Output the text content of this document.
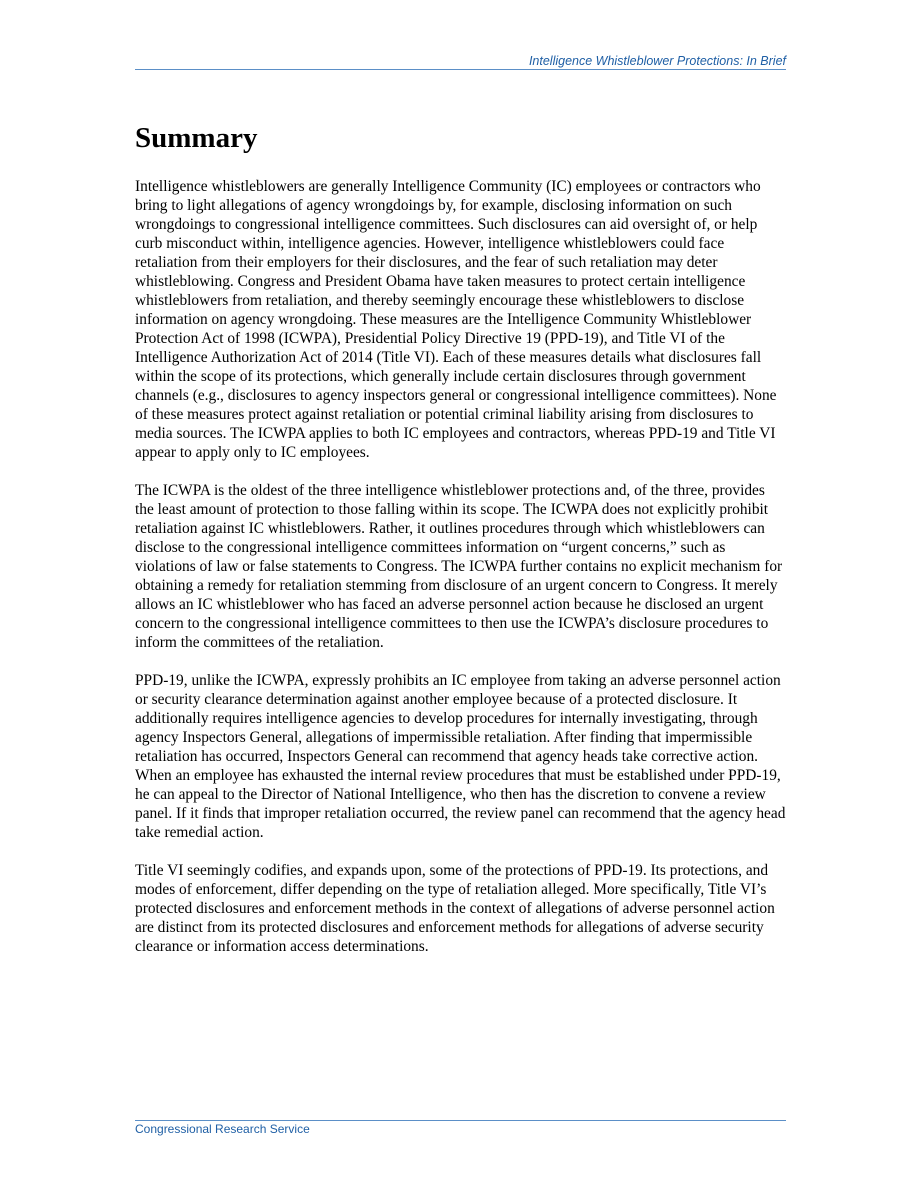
Intelligence Whistleblower Protections: In Brief
Summary

Intelligence whistleblowers are generally Intelligence Community (IC) employees or contractors who bring to light allegations of agency wrongdoings by, for example, disclosing information on such wrongdoings to congressional intelligence committees. Such disclosures can aid oversight of, or help curb misconduct within, intelligence agencies. However, intelligence whistleblowers could face retaliation from their employers for their disclosures, and the fear of such retaliation may deter whistleblowing. Congress and President Obama have taken measures to protect certain intelligence whistleblowers from retaliation, and thereby seemingly encourage these whistleblowers to disclose information on agency wrongdoing. These measures are the Intelligence Community Whistleblower Protection Act of 1998 (ICWPA), Presidential Policy Directive 19 (PPD-19), and Title VI of the Intelligence Authorization Act of 2014 (Title VI). Each of these measures details what disclosures fall within the scope of its protections, which generally include certain disclosures through government channels (e.g., disclosures to agency inspectors general or congressional intelligence committees). None of these measures protect against retaliation or potential criminal liability arising from disclosures to media sources. The ICWPA applies to both IC employees and contractors, whereas PPD-19 and Title VI appear to apply only to IC employees.

The ICWPA is the oldest of the three intelligence whistleblower protections and, of the three, provides the least amount of protection to those falling within its scope. The ICWPA does not explicitly prohibit retaliation against IC whistleblowers. Rather, it outlines procedures through which whistleblowers can disclose to the congressional intelligence committees information on “urgent concerns,” such as violations of law or false statements to Congress. The ICWPA further contains no explicit mechanism for obtaining a remedy for retaliation stemming from disclosure of an urgent concern to Congress. It merely allows an IC whistleblower who has faced an adverse personnel action because he disclosed an urgent concern to the congressional intelligence committees to then use the ICWPA’s disclosure procedures to inform the committees of the retaliation.

PPD-19, unlike the ICWPA, expressly prohibits an IC employee from taking an adverse personnel action or security clearance determination against another employee because of a protected disclosure. It additionally requires intelligence agencies to develop procedures for internally investigating, through agency Inspectors General, allegations of impermissible retaliation. After finding that impermissible retaliation has occurred, Inspectors General can recommend that agency heads take corrective action. When an employee has exhausted the internal review procedures that must be established under PPD-19, he can appeal to the Director of National Intelligence, who then has the discretion to convene a review panel. If it finds that improper retaliation occurred, the review panel can recommend that the agency head take remedial action.

Title VI seemingly codifies, and expands upon, some of the protections of PPD-19. Its protections, and modes of enforcement, differ depending on the type of retaliation alleged. More specifically, Title VI’s protected disclosures and enforcement methods in the context of allegations of adverse personnel action are distinct from its protected disclosures and enforcement methods for allegations of adverse security clearance or information access determinations.

Congressional Research Service
